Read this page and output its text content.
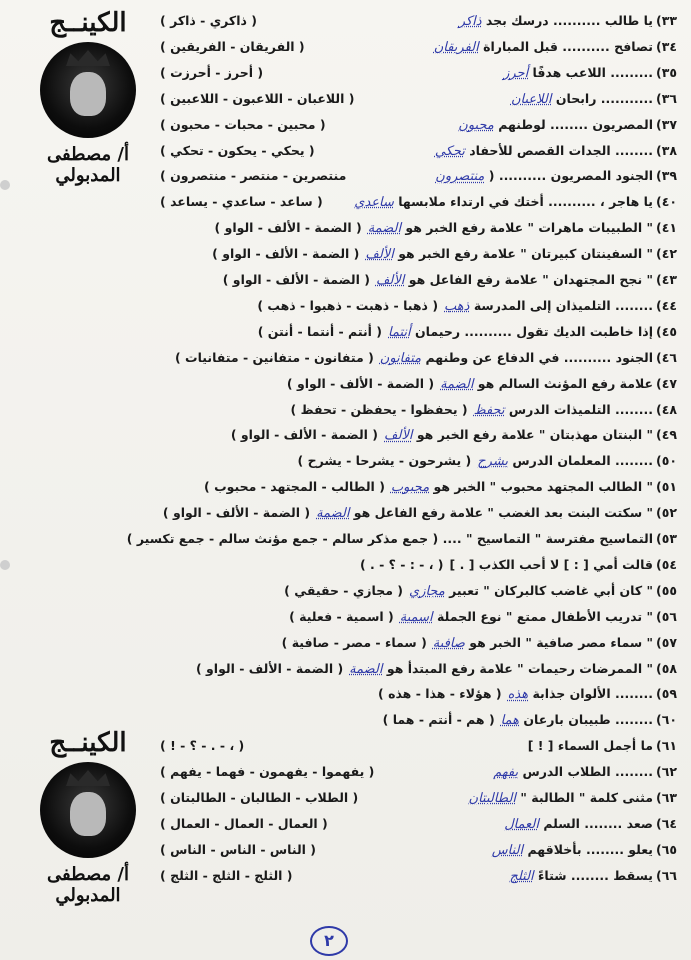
الكينــج
أ/ مصطفى المدبولي
الكينــج
أ/ مصطفى المدبولي
٣٣)يا طالب .......... درسك بجد ذاكر
( ذاكري - ذاكر )
٣٤)تصافح .......... قبل المباراة الفريقان
( الفريقان - الفريقين )
٣٥)......... اللاعب هدفًا أحرز
( أحرز - أحرزت )
٣٦)........... رابحان اللاعبان
( اللاعبان - اللاعبون - اللاعبين )
٣٧)المصريون ........ لوطنهم محبون
( محبين - محبات - محبون )
٣٨)........ الجدات القصص للأحفاد تحكي
( يحكي - يحكون - تحكي )
٣٩)الجنود المصريون .......... ( منتصرون
منتصرين - منتصر - منتصرون )
٤٠)يا هاجر ، .......... أختك في ارتداء ملابسها ساعدي
( ساعد - ساعدي - يساعد )
٤١)" الطبيبات ماهرات " علامة رفع الخبر هو الضمة( الضمة - الألف - الواو )
٤٢)" السفينتان كبيرتان " علامة رفع الخبر هو الألف( الضمة - الألف - الواو )
٤٣)" نجح المجتهدان " علامة رفع الفاعل هو الألف( الضمة - الألف - الواو )
٤٤)........ التلميذان إلى المدرسة ذهب( ذهبا - ذهبت - ذهبوا - ذهب )
٤٥)إذا خاطبت الديك تقول .......... رحيمان أنتما( أنتم - أنتما - أنتن )
٤٦)الجنود .......... في الدفاع عن وطنهم متفانون( متفانون - متفانين - متفانيات )
٤٧)علامة رفع المؤنث السالم هو الضمة( الضمة - الألف - الواو )
٤٨)........ التلميذات الدرس تحفظ( يحفظوا - يحفظن - تحفظ )
٤٩)" البنتان مهذبتان " علامة رفع الخبر هو الألف( الضمة - الألف - الواو )
٥٠)........ المعلمان الدرس يشرح( يشرحون - يشرحا - يشرح )
٥١)" الطالب المجتهد محبوب " الخبر هو محبوب( الطالب - المجتهد - محبوب )
٥٢)" سكتت البنت بعد الغضب " علامة رفع الفاعل هو الضمة( الضمة - الألف - الواو )
٥٣)التماسيح مفترسة " التماسيح " .... ( جمع مذكر سالم - جمع مؤنث سالم - جمع تكسير )
٥٤)قالت أمي [ : ] لا أحب الكذب [ . ]( ، - : - ؟ - . )
٥٥)" كان أبي غاضب كالبركان " تعبير مجازي( مجازي - حقيقي )
٥٦)" تدريب الأطفال ممتع " نوع الجملة اسمية( اسمية - فعلية )
٥٧)" سماء مصر صافية " الخبر هو صافية( سماء - مصر - صافية )
٥٨)" الممرضات رحيمات " علامة رفع المبتدأ هو الضمة( الضمة - الألف - الواو )
٥٩)........ الألوان جذابة هذه( هؤلاء - هذا - هذه )
٦٠)........ طبيبان بارعان هما( هم - أنتم - هما )
٦١)ما أجمل السماء [ ! ]
( ، - . - ؟ - ! )
٦٢)........ الطلاب الدرس يفهم
( يفهموا - يفهمون - فهما - يفهم )
٦٣)مثنى كلمة " الطالبة " الطالبتان
( الطلاب - الطالبان - الطالبتان )
٦٤)صعد ........ السلم العمال
( العمال - العمال - العمال )
٦٥)يعلو ........ بأخلاقهم الناس
( الناس - الناس - الناس )
٦٦)يسقط ........ شتاءً الثلج
( الثلج - الثلج - الثلج )
٢
